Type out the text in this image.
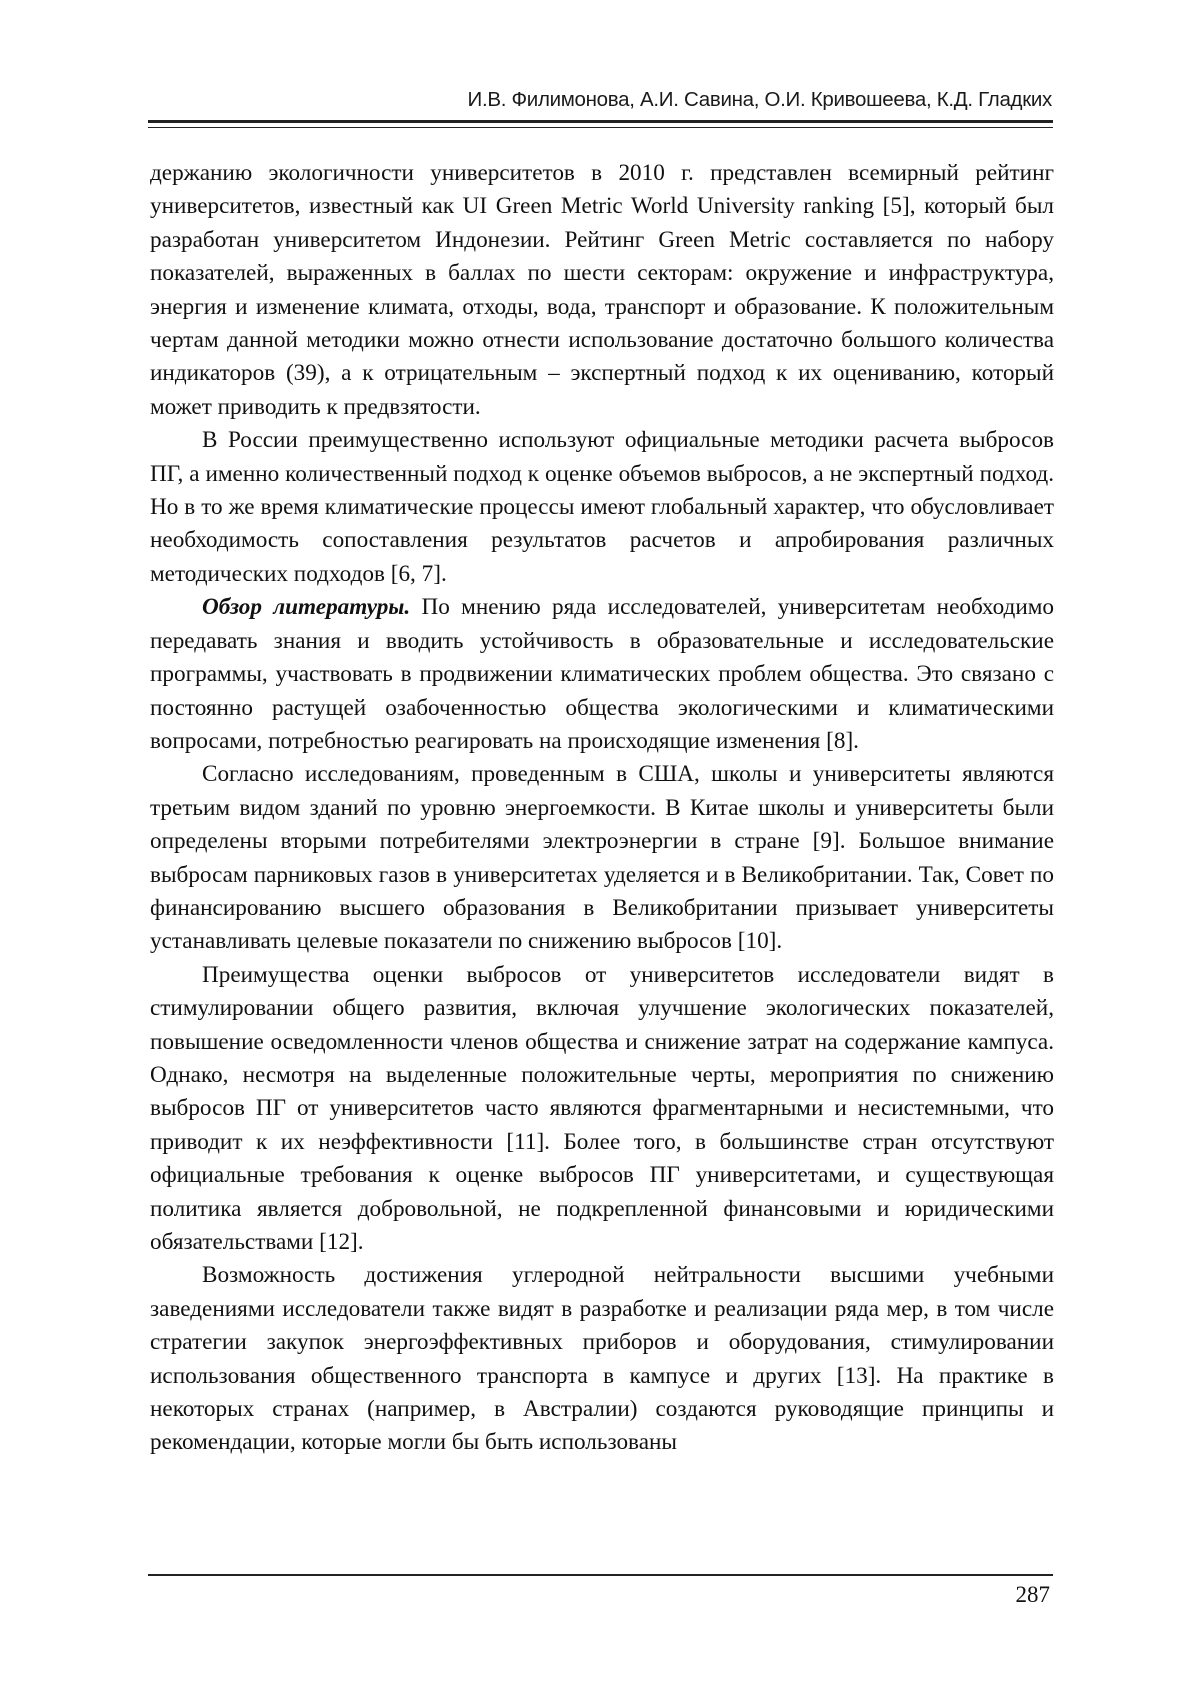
И.В. Филимонова, А.И. Савина, О.И. Кривошеева, К.Д. Гладких

держанию экологичности университетов в 2010 г. представлен всемирный рейтинг университетов, известный как UI Green Metric World University ranking [5], который был разработан университетом Индонезии. Рейтинг Green Metric составляется по набору показателей, выраженных в баллах по шести секторам: окружение и инфраструктура, энергия и изменение климата, отходы, вода, транспорт и образование. К положительным чертам данной методики можно отнести использование достаточно большого количества индикаторов (39), а к отрицательным – экспертный подход к их оцениванию, который может приводить к предвзятости.

В России преимущественно используют официальные методики расчета выбросов ПГ, а именно количественный подход к оценке объемов выбросов, а не экспертный подход. Но в то же время климатические процессы имеют глобальный характер, что обусловливает необходимость сопоставления результатов расчетов и апробирования различных методических подходов [6, 7].

Обзор литературы. По мнению ряда исследователей, университетам необходимо передавать знания и вводить устойчивость в образовательные и исследовательские программы, участвовать в продвижении климатических проблем общества. Это связано с постоянно растущей озабоченностью общества экологическими и климатическими вопросами, потребностью реагировать на происходящие изменения [8].

Согласно исследованиям, проведенным в США, школы и университеты являются третьим видом зданий по уровню энергоемкости. В Китае школы и университеты были определены вторыми потребителями электроэнергии в стране [9]. Большое внимание выбросам парниковых газов в университетах уделяется и в Великобритании. Так, Совет по финансированию высшего образования в Великобритании призывает университеты устанавливать целевые показатели по снижению выбросов [10].

Преимущества оценки выбросов от университетов исследователи видят в стимулировании общего развития, включая улучшение экологических показателей, повышение осведомленности членов общества и снижение затрат на содержание кампуса. Однако, несмотря на выделенные положительные черты, мероприятия по снижению выбросов ПГ от университетов часто являются фрагментарными и несистемными, что приводит к их неэффективности [11]. Более того, в большинстве стран отсутствуют официальные требования к оценке выбросов ПГ университетами, и существующая политика является добровольной, не подкрепленной финансовыми и юридическими обязательствами [12].

Возможность достижения углеродной нейтральности высшими учебными заведениями исследователи также видят в разработке и реализации ряда мер, в том числе стратегии закупок энергоэффективных приборов и оборудования, стимулировании использования общественного транспорта в кампусе и других [13]. На практике в некоторых странах (например, в Австралии) создаются руководящие принципы и рекомендации, которые могли бы быть использованы

287
